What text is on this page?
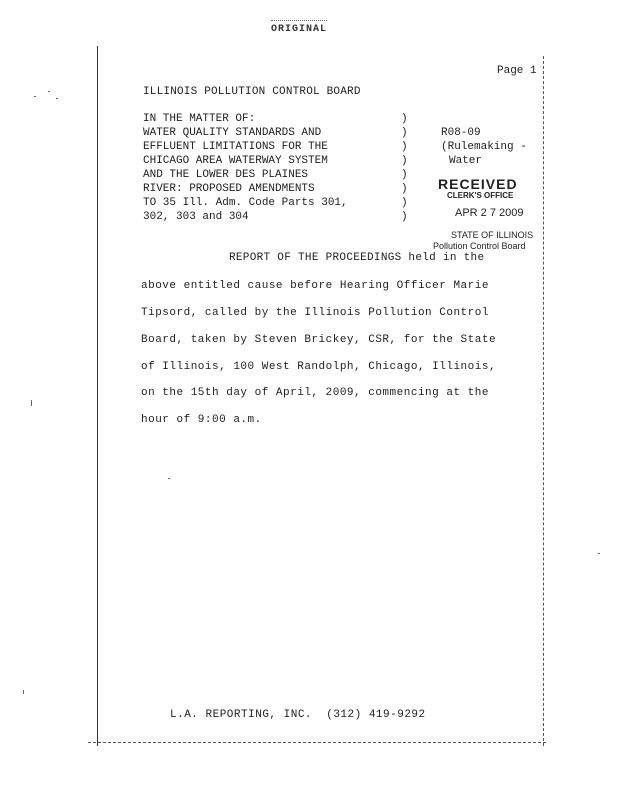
ORIGINAL
Page 1
ILLINOIS POLLUTION CONTROL BOARD
IN THE MATTER OF:
WATER QUALITY STANDARDS AND
EFFLUENT LIMITATIONS FOR THE
CHICAGO AREA WATERWAY SYSTEM
AND THE LOWER DES PLAINES
RIVER: PROPOSED AMENDMENTS
TO 35 Ill. Adm. Code Parts 301,
302, 303 and 304
)
)
)
)
)
)
)
)
R08-09
(Rulemaking -
Water
RECEIVED
CLERK'S OFFICE
APR 2 7 2009
STATE OF ILLINOIS
Pollution Control Board
REPORT OF THE PROCEEDINGS held in the
above entitled cause before Hearing Officer Marie
Tipsord, called by the Illinois Pollution Control
Board, taken by Steven Brickey, CSR, for the State
of Illinois, 100 West Randolph, Chicago, Illinois,
on the 15th day of April, 2009, commencing at the
hour of 9:00 a.m.
L.A. REPORTING, INC.  (312) 419-9292
